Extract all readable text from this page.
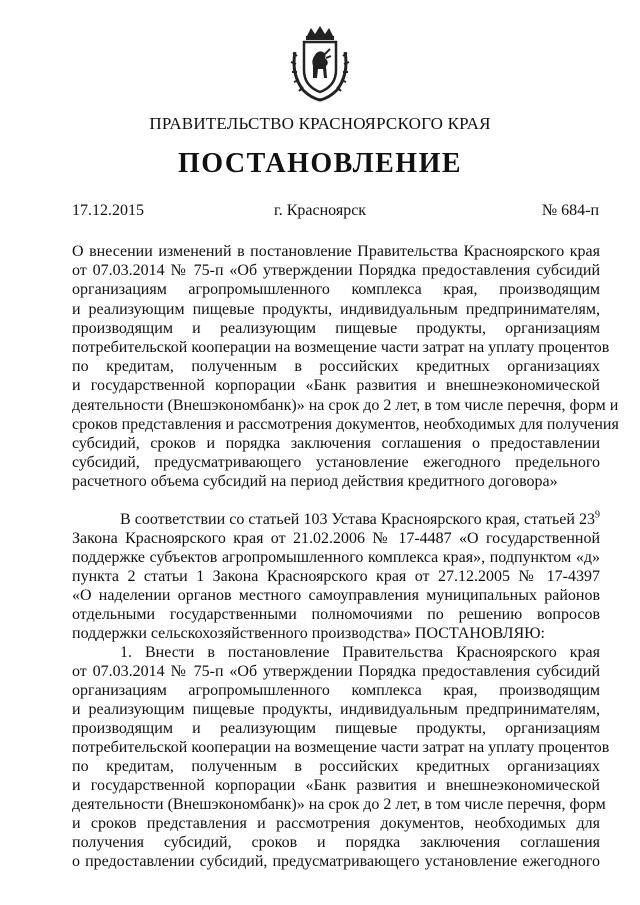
ПРАВИТЕЛЬСТВО КРАСНОЯРСКОГО КРАЯ
ПОСТАНОВЛЕНИЕ
17.12.2015	г. Красноярск	№ 684-п
О внесении изменений в постановление Правительства Красноярского края
от 07.03.2014 № 75-п «Об утверждении Порядка предоставления субсидий
организациям агропромышленного комплекса края, производящим
и реализующим пищевые продукты, индивидуальным предпринимателям,
производящим и реализующим пищевые продукты, организациям
потребительской кооперации на возмещение части затрат на уплату процентов
по кредитам, полученным в российских кредитных организациях
и государственной корпорации «Банк развития и внешнеэкономической
деятельности (Внешэкономбанк)» на срок до 2 лет, в том числе перечня, форм и
сроков представления и рассмотрения документов, необходимых для получения
субсидий, сроков и порядка заключения соглашения о предоставлении
субсидий, предусматривающего установление ежегодного предельного
расчетного объема субсидий на период действия кредитного договора»
В соответствии со статьей 103 Устава Красноярского края, статьей $23^9$
Закона Красноярского края от 21.02.2006 № 17-4487 «О государственной
поддержке субъектов агропромышленного комплекса края», подпунктом «д»
пункта 2 статьи 1 Закона Красноярского края от 27.12.2005 № 17-4397
«О наделении органов местного самоуправления муниципальных районов
отдельными государственными полномочиями по решению вопросов
поддержки сельскохозяйственного производства» ПОСТАНОВЛЯЮ:
1. Внести в постановление Правительства Красноярского края
от 07.03.2014 № 75-п «Об утверждении Порядка предоставления субсидий
организациям агропромышленного комплекса края, производящим
и реализующим пищевые продукты, индивидуальным предпринимателям,
производящим и реализующим пищевые продукты, организациям
потребительской кооперации на возмещение части затрат на уплату процентов
по кредитам, полученным в российских кредитных организациях
и государственной корпорации «Банк развития и внешнеэкономической
деятельности (Внешэкономбанк)» на срок до 2 лет, в том числе перечня, форм
и сроков представления и рассмотрения документов, необходимых для
получения субсидий, сроков и порядка заключения соглашения
о предоставлении субсидий, предусматривающего установление ежегодного
